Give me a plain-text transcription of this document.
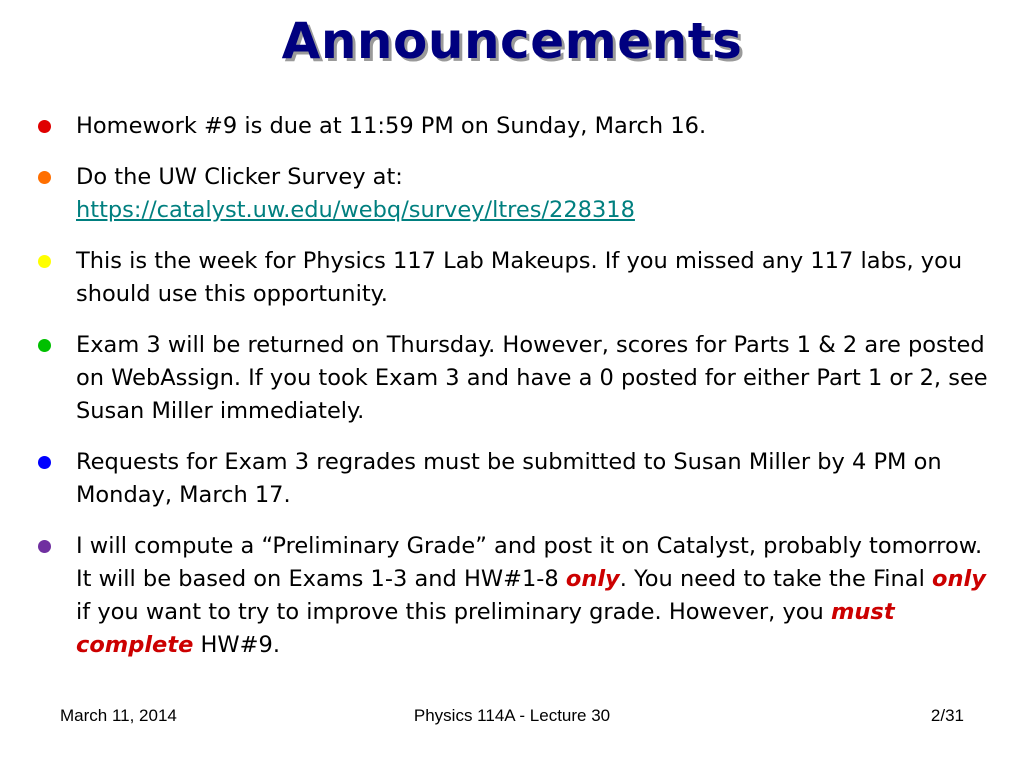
Announcements
Homework #9 is due at 11:59 PM on Sunday, March 16.
Do the UW Clicker Survey at:
https://catalyst.uw.edu/webq/survey/ltres/228318
This is the week for Physics 117 Lab Makeups. If you missed any 117 labs, you should use this opportunity.
Exam 3 will be returned on Thursday. However, scores for Parts 1 & 2 are posted on WebAssign. If you took Exam 3 and have a 0 posted for either Part 1 or 2, see Susan Miller immediately.
Requests for Exam 3 regrades must be submitted to Susan Miller by 4 PM on Monday, March 17.
I will compute a “Preliminary Grade” and post it on Catalyst, probably tomorrow. It will be based on Exams 1-3 and HW#1-8 only. You need to take the Final only if you want to try to improve this preliminary grade. However, you must complete HW#9.
March 11, 2014	Physics 114A - Lecture 30	2/31
